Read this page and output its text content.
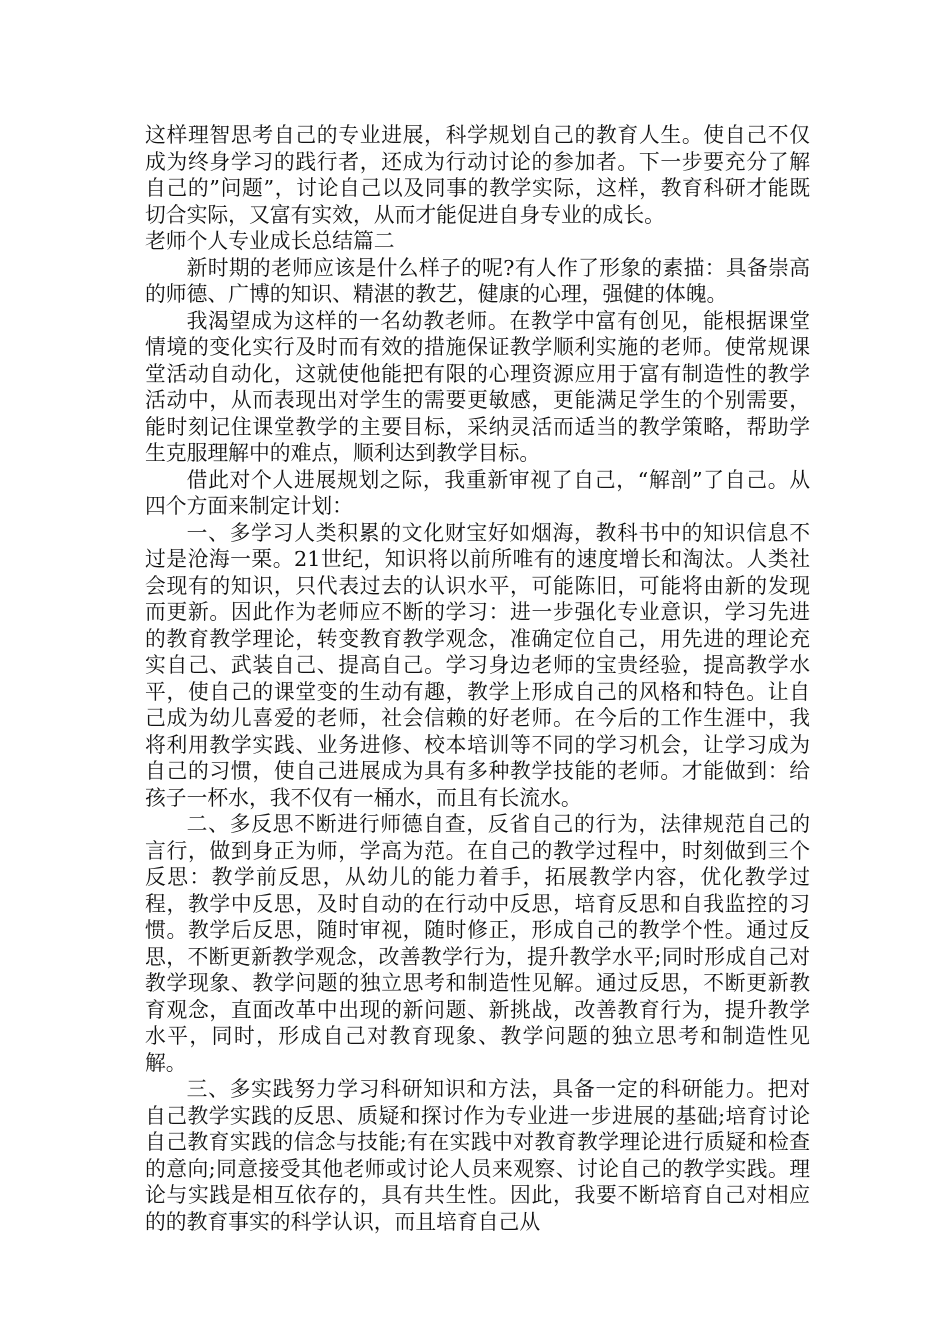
这样理智思考自己的专业进展，科学规划自己的教育人生。使自己不仅成为终身学习的践行者，还成为行动讨论的参加者。下一步要充分了解自己的”问题”，讨论自己以及同事的教学实际，这样，教育科研才能既切合实际，又富有实效，从而才能促进自身专业的成长。

老师个人专业成长总结篇二

新时期的老师应该是什么样子的呢?有人作了形象的素描：具备崇高的师德、广博的知识、精湛的教艺，健康的心理，强健的体魄。

我渴望成为这样的一名幼教老师。在教学中富有创见，能根据课堂情境的变化实行及时而有效的措施保证教学顺利实施的老师。使常规课堂活动自动化，这就使他能把有限的心理资源应用于富有制造性的教学活动中，从而表现出对学生的需要更敏感，更能满足学生的个别需要，能时刻记住课堂教学的主要目标，采纳灵活而适当的教学策略，帮助学生克服理解中的难点，顺利达到教学目标。

借此对个人进展规划之际，我重新审视了自己，“解剖”了自己。从四个方面来制定计划：

一、多学习人类积累的文化财宝好如烟海，教科书中的知识信息不过是沧海一栗。21世纪，知识将以前所唯有的速度增长和淘汰。人类社会现有的知识，只代表过去的认识水平，可能陈旧，可能将由新的发现而更新。因此作为老师应不断的学习：进一步强化专业意识，学习先进的教育教学理论，转变教育教学观念，准确定位自己，用先进的理论充实自己、武装自己、提高自己。学习身边老师的宝贵经验，提高教学水平，使自己的课堂变的生动有趣，教学上形成自己的风格和特色。让自己成为幼儿喜爱的老师，社会信赖的好老师。在今后的工作生涯中，我将利用教学实践、业务进修、校本培训等不同的学习机会，让学习成为自己的习惯，使自己进展成为具有多种教学技能的老师。才能做到：给孩子一杯水，我不仅有一桶水，而且有长流水。

二、多反思不断进行师德自查，反省自己的行为，法律规范自己的言行，做到身正为师，学高为范。在自己的教学过程中，时刻做到三个反思：教学前反思，从幼儿的能力着手，拓展教学内容，优化教学过程，教学中反思，及时自动的在行动中反思，培育反思和自我监控的习惯。教学后反思，随时审视，随时修正，形成自己的教学个性。通过反思，不断更新教学观念，改善教学行为，提升教学水平;同时形成自己对教学现象、教学问题的独立思考和制造性见解。通过反思，不断更新教育观念，直面改革中出现的新问题、新挑战，改善教育行为，提升教学水平，同时，形成自己对教育现象、教学问题的独立思考和制造性见解。

三、多实践努力学习科研知识和方法，具备一定的科研能力。把对自己教学实践的反思、质疑和探讨作为专业进一步进展的基础;培育讨论自己教育实践的信念与技能;有在实践中对教育教学理论进行质疑和检查的意向;同意接受其他老师或讨论人员来观察、讨论自己的教学实践。理论与实践是相互依存的，具有共生性。因此，我要不断培育自己对相应的的教育事实的科学认识，而且培育自己从
